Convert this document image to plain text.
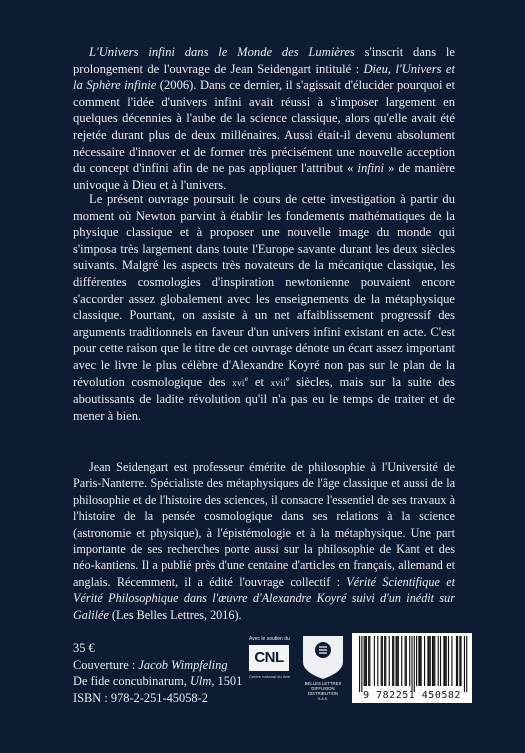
L'Univers infini dans le Monde des Lumières s'inscrit dans le prolongement de l'ouvrage de Jean Seidengart intitulé : Dieu, l'Univers et la Sphère infinie (2006). Dans ce dernier, il s'agissait d'élucider pourquoi et comment l'idée d'univers infini avait réussi à s'imposer largement en quelques décennies à l'aube de la science classique, alors qu'elle avait été rejetée durant plus de deux millénaires. Aussi était-il devenu absolument nécessaire d'innover et de former très précisément une nouvelle acception du concept d'infini afin de ne pas appliquer l'attribut « infini » de manière univoque à Dieu et à l'univers.

Le présent ouvrage poursuit le cours de cette investigation à partir du moment où Newton parvint à établir les fondements mathématiques de la physique classique et à proposer une nouvelle image du monde qui s'imposa très largement dans toute l'Europe savante durant les deux siècles suivants. Malgré les aspects très novateurs de la mécanique classique, les différentes cosmologies d'inspiration newtonienne pouvaient encore s'accorder assez globalement avec les enseignements de la métaphysique classique. Pourtant, on assiste à un net affaiblissement progressif des arguments traditionnels en faveur d'un univers infini existant en acte. C'est pour cette raison que le titre de cet ouvrage dénote un écart assez important avec le livre le plus célèbre d'Alexandre Koyré non pas sur le plan de la révolution cosmologique des xvi$^e$ et xvii$^e$ siècles, mais sur la suite des aboutissants de ladite révolution qu'il n'a pas eu le temps de traiter et de mener à bien.

Jean Seidengart est professeur émérite de philosophie à l'Université de Paris-Nanterre. Spécialiste des métaphysiques de l'âge classique et aussi de la philosophie et de l'histoire des sciences, il consacre l'essentiel de ses travaux à l'histoire de la pensée cosmologique dans ses relations à la science (astronomie et physique), à l'épistémologie et à la métaphysique. Une part importante de ses recherches porte aussi sur la philosophie de Kant et des néo-kantiens. Il a publié près d'une centaine d'articles en français, allemand et anglais. Récemment, il a édité l'ouvrage collectif : Vérité Scientifique et Vérité Philosophique dans l'œuvre d'Alexandre Koyré suivi d'un inédit sur Galilée (Les Belles Lettres, 2016).

35 €
Couverture : Jacob Wimpfeling
De fide concubinarum, Ulm, 1501
ISBN : 978-2-251-45058-2
Avec le soutien du
CNL
Centre national du livre
BELLES LETTRES
DIFFUSION
DISTRIBUTION
S.A.S.	9 782251 450582
